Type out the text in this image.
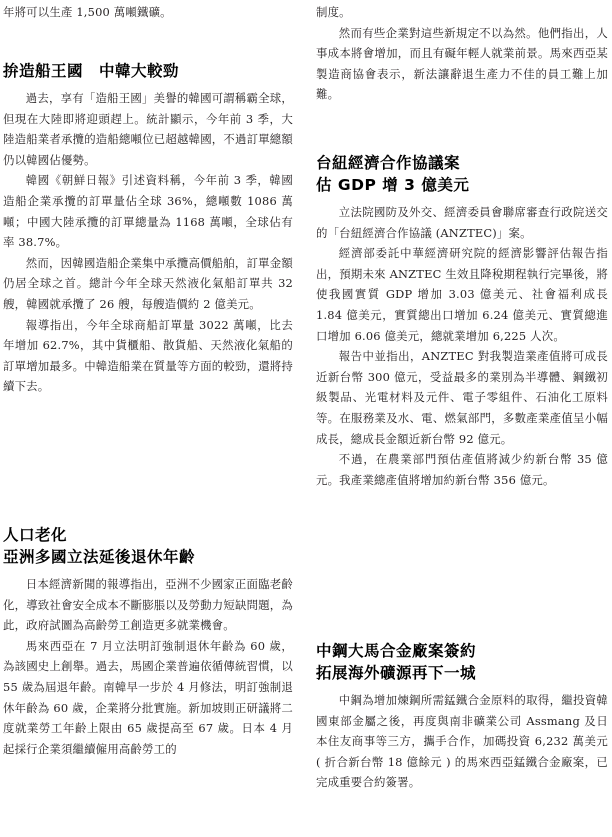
年將可以生產 1,500 萬噸鐵礦。

拚造船王國　中韓大較勁

過去，享有「造船王國」美譽的韓國可謂稱霸全球，但現在大陸即將迎頭趕上。統計顯示，今年前 3 季，大陸造船業者承攬的造船總噸位已超越韓國，不過訂單總額仍以韓國佔優勢。

韓國《朝鮮日報》引述資料稱，今年前 3 季，韓國造船企業承攬的訂單量佔全球 36%，總噸數 1086 萬噸；中國大陸承攬的訂單總量為 1168 萬噸，全球佔有率 38.7%。

然而，因韓國造船企業集中承攬高價船舶，訂單金額仍居全球之首。總計今年全球天然液化氣船訂單共 32 艘，韓國就承攬了 26 艘，每艘造價約 2 億美元。

報導指出，今年全球商船訂單量 3022 萬噸，比去年增加 62.7%，其中貨櫃船、散貨船、天然液化氣船的訂單增加最多。中韓造船業在質量等方面的較勁，還將持續下去。

人口老化
亞洲多國立法延後退休年齡

日本經濟新聞的報導指出，亞洲不少國家正面臨老齡化，導致社會安全成本不斷膨脹以及勞動力短缺問題，為此，政府試圖為高齡勞工創造更多就業機會。

馬來西亞在 7 月立法明訂強制退休年齡為 60 歲，為該國史上創舉。過去，馬國企業普遍依循傳統習慣，以 55 歲為屆退年齡。南韓早一步於 4 月修法，明訂強制退休年齡為 60 歲，企業將分批實施。新加坡則正研議將二度就業勞工年齡上限由 65 歲提高至 67 歲。日本 4 月起採行企業須繼續僱用高齡勞工的

制度。

然而有些企業對這些新規定不以為然。他們指出，人事成本將會增加，而且有礙年輕人就業前景。馬來西亞某製造商協會表示，新法讓辭退生產力不佳的員工難上加難。

台紐經濟合作協議案
估 GDP 增 3 億美元

立法院國防及外交、經濟委員會聯席審查行政院送交的「台紐經濟合作協議 (ANZTEC)」案。

經濟部委託中華經濟研究院的經濟影響評估報告指出，預期未來 ANZTEC 生效且降稅期程執行完畢後，將使我國實質 GDP 增加 3.03 億美元、社會福利成長 1.84 億美元，實質總出口增加 6.24 億美元、實質總進口增加 6.06 億美元，總就業增加 6,225 人次。

報告中並指出，ANZTEC 對我製造業產值將可成長近新台幣 300 億元，受益最多的業別為半導體、鋼鐵初級製品、光電材料及元件、電子零組件、石油化工原料等。在服務業及水、電、燃氣部門，多數產業產值呈小幅成長，總成長金額近新台幣 92 億元。

不過，在農業部門預估產值將減少約新台幣 35 億元。我產業總產值將增加約新台幣 356 億元。

中鋼大馬合金廠案簽約
拓展海外礦源再下一城

中鋼為增加煉鋼所需錳鐵合金原料的取得，繼投資韓國東部金屬之後，再度與南非礦業公司 Assmang 及日本住友商事等三方，攜手合作，加碼投資 6,232 萬美元 ( 折合新台幣 18 億餘元 ) 的馬來西亞錳鐵合金廠案，已完成重要合約簽署。
